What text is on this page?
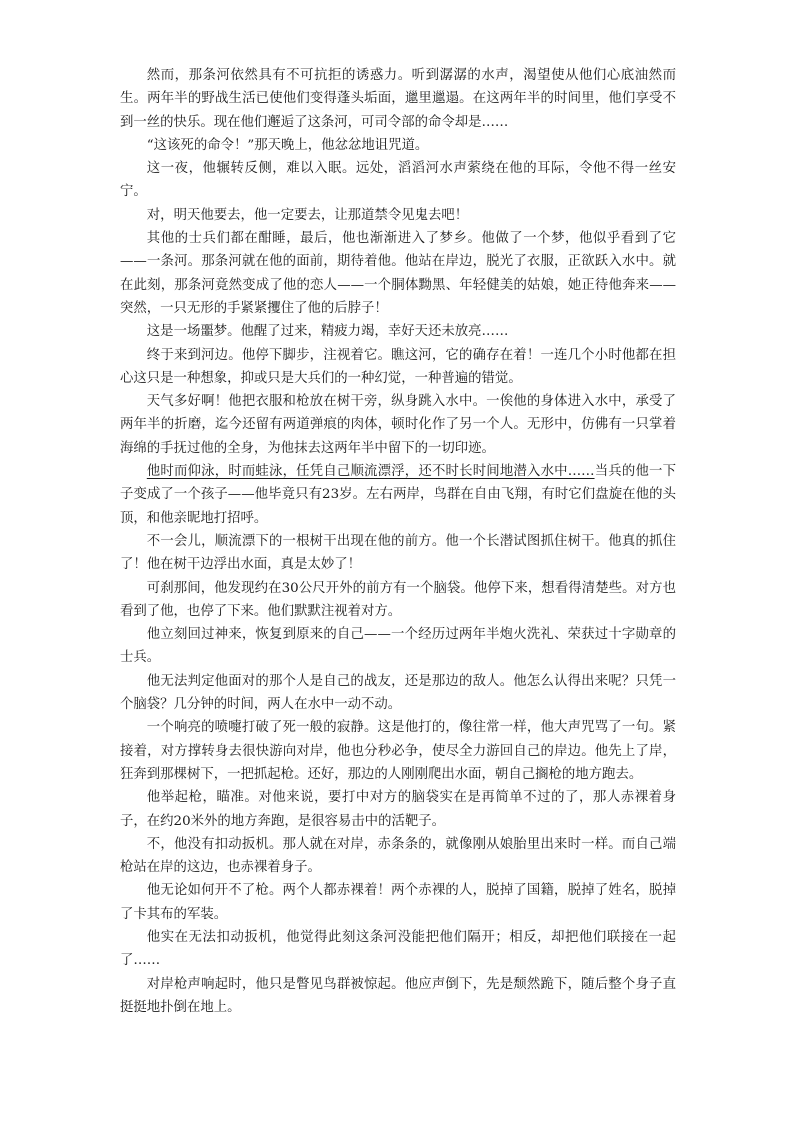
然而，那条河依然具有不可抗拒的诱惑力。听到潺潺的水声，渴望使从他们心底油然而生。两年半的野战生活已使他们变得蓬头垢面，邋里邋遢。在这两年半的时间里，他们享受不到一丝的快乐。现在他们邂逅了这条河，可司令部的命令却是……

“这该死的命令！”那天晚上，他忿忿地诅咒道。

这一夜，他辗转反侧，难以入眠。远处，滔滔河水声萦绕在他的耳际，令他不得一丝安宁。

对，明天他要去，他一定要去，让那道禁令见鬼去吧！

其他的士兵们都在酣睡，最后，他也渐渐进入了梦乡。他做了一个梦，他似乎看到了它——一条河。那条河就在他的面前，期待着他。他站在岸边，脱光了衣服，正欲跃入水中。就在此刻，那条河竟然变成了他的恋人——一个胴体黝黑、年轻健美的姑娘，她正待他奔来——突然，一只无形的手紧紧攫住了他的后脖子！

这是一场噩梦。他醒了过来，精疲力竭，幸好天还未放亮……

终于来到河边。他停下脚步，注视着它。瞧这河，它的确存在着！一连几个小时他都在担心这只是一种想象，抑或只是大兵们的一种幻觉，一种普遍的错觉。

天气多好啊！他把衣服和枪放在树干旁，纵身跳入水中。一俟他的身体进入水中，承受了两年半的折磨，迄今还留有两道弹痕的肉体，顿时化作了另一个人。无形中，仿佛有一只掌着海绵的手抚过他的全身，为他抹去这两年半中留下的一切印迹。

他时而仰泳，时而蛙泳，任凭自己顺流漂浮，还不时长时间地潜入水中……当兵的他一下子变成了一个孩子——他毕竟只有23岁。左右两岸，鸟群在自由飞翔，有时它们盘旋在他的头顶，和他亲昵地打招呼。

不一会儿，顺流漂下的一根树干出现在他的前方。他一个长潜试图抓住树干。他真的抓住了！他在树干边浮出水面，真是太妙了！

可刹那间，他发现约在30公尺开外的前方有一个脑袋。他停下来，想看得清楚些。对方也看到了他，也停了下来。他们默默注视着对方。

他立刻回过神来，恢复到原来的自己——一个经历过两年半炮火洗礼、荣获过十字勋章的士兵。

他无法判定他面对的那个人是自己的战友，还是那边的敌人。他怎么认得出来呢？只凭一个脑袋？几分钟的时间，两人在水中一动不动。

一个响亮的喷嚏打破了死一般的寂静。这是他打的，像往常一样，他大声咒骂了一句。紧接着，对方撑转身去很快游向对岸，他也分秒必争，使尽全力游回自己的岸边。他先上了岸，狂奔到那棵树下，一把抓起枪。还好，那边的人刚刚爬出水面，朝自己搁枪的地方跑去。

他举起枪，瞄准。对他来说，要打中对方的脑袋实在是再简单不过的了，那人赤裸着身子，在约20米外的地方奔跑，是很容易击中的活靶子。

不，他没有扣动扳机。那人就在对岸，赤条条的，就像刚从娘胎里出来时一样。而自己端枪站在岸的这边，也赤裸着身子。

他无论如何开不了枪。两个人都赤裸着！两个赤裸的人，脱掉了国籍，脱掉了姓名，脱掉了卡其布的军装。

他实在无法扣动扳机，他觉得此刻这条河没能把他们隔开；相反，却把他们联接在一起了……

对岸枪声响起时，他只是瞥见鸟群被惊起。他应声倒下，先是颓然跪下，随后整个身子直挺挺地扑倒在地上。
